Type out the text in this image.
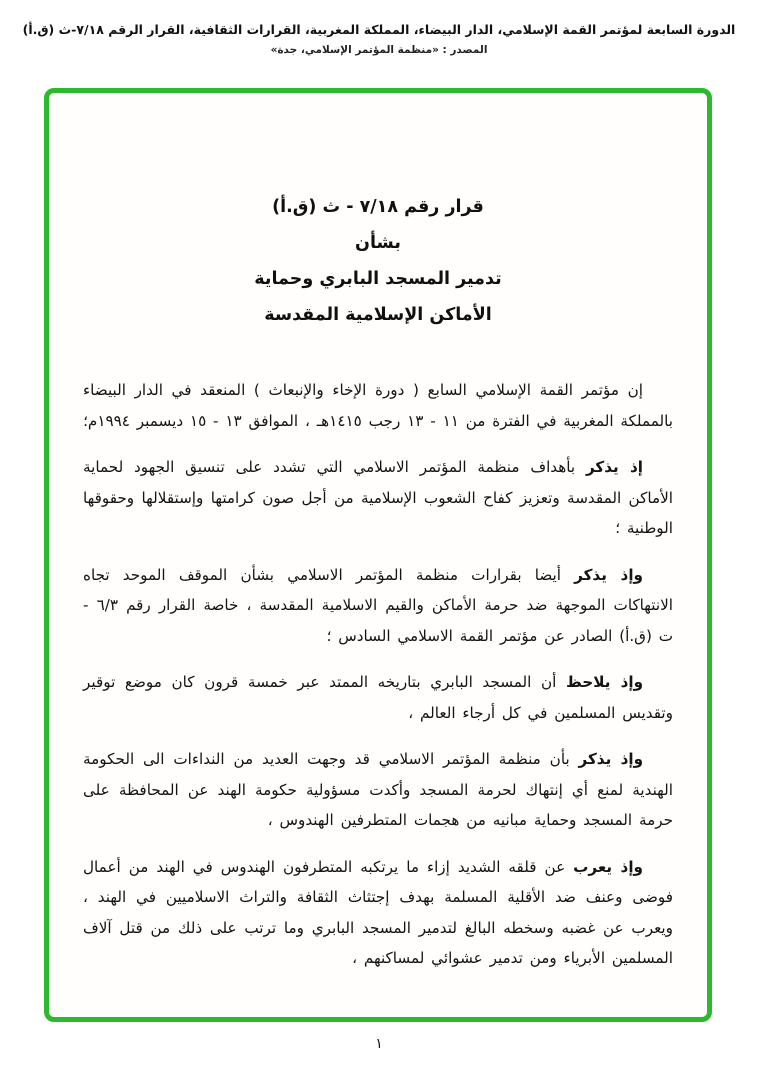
الدورة السابعة لمؤتمر القمة الإسلامي، الدار البيضاء، المملكة المغربية، القرارات الثقافية، القرار الرقم ٧/١٨-ث (ق.أ)
المصدر : «منظمة المؤتمر الإسلامي، جدة»
قرار رقم ٧/١٨ - ث (ق.أ)
بشأن
تدمير المسجد البابري وحماية
الأماكن الإسلامية المقدسة

إن مؤتمر القمة الإسلامي السابع ( دورة الإخاء والإنبعاث ) المنعقد في الدار البيضاء بالمملكة المغربية في الفترة من ١١ - ١٣ رجب ١٤١٥هـ ، الموافق ١٣ - ١٥ ديسمبر ١٩٩٤م؛

إذ يذكر بأهداف منظمة المؤتمر الاسلامي التي تشدد على تنسيق الجهود لحماية الأماكن المقدسة وتعزيز كفاح الشعوب الإسلامية من أجل صون كرامتها وإستقلالها وحقوقها الوطنية ؛

وإذ يذكر أيضا بقرارات منظمة المؤتمر الاسلامي بشأن الموقف الموحد تجاه الانتهاكات الموجهة ضد حرمة الأماكن والقيم الاسلامية المقدسة ، خاصة القرار رقم ٦/٣ - ت (ق.أ) الصادر عن مؤتمر القمة الاسلامي السادس ؛

وإذ يلاحظ أن المسجد البابري بتاريخه الممتد عبر خمسة قرون كان موضع توقير وتقديس المسلمين في كل أرجاء العالم ،

وإذ يذكر بأن منظمة المؤتمر الاسلامي قد وجهت العديد من النداءات الى الحكومة الهندية لمنع أي إنتهاك لحرمة المسجد وأكدت مسؤولية حكومة الهند عن المحافظة على حرمة المسجد وحماية مبانيه من هجمات المتطرفين الهندوس ،

وإذ يعرب عن قلقه الشديد إزاء ما يرتكبه المتطرفون الهندوس في الهند من أعمال فوضى وعنف ضد الأقلية المسلمة بهدف إجتثاث الثقافة والتراث الاسلاميين في الهند ، ويعرب عن غضبه وسخطه البالغ لتدمير المسجد البابري وما ترتب على ذلك من قتل آلاف المسلمين الأبرياء ومن تدمير عشوائي لمساكنهم ،

١
